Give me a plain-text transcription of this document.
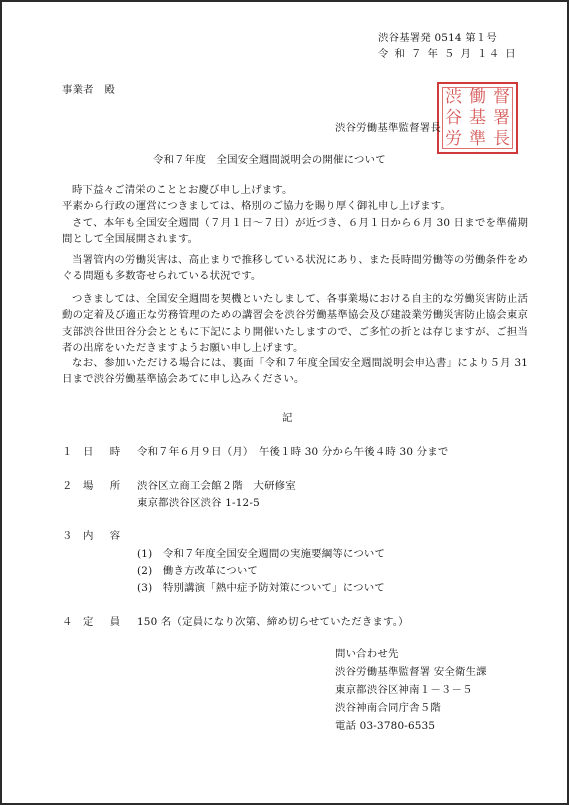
渋谷基署発 0514 第１号
令 和 ７ 年 ５ 月 １４ 日
事業者　殿	渋 働 督
谷 基 署
労 準 長
渋谷労働基準監督署長
令和７年度　全国安全週間説明会の開催について
時下益々ご清栄のこととお慶び申し上げます。
平素から行政の運営につきましては、格別のご協力を賜り厚く御礼申し上げます。
さて、本年も全国安全週間（７月１日～７日）が近づき、６月１日から６月 30 日までを準備期間として全国展開されます。
当署管内の労働災害は、高止まりで推移している状況にあり、また長時間労働等の労働条件をめぐる問題も多数寄せられている状況です。
つきましては、全国安全週間を契機といたしまして、各事業場における自主的な労働災害防止活動の定着及び適正な労務管理のための講習会を渋谷労働基準協会及び建設業労働災害防止協会東京支部渋谷世田谷分会とともに下記により開催いたしますので、ご多忙の折とは存じますが、ご担当者の出席をいただきますようお願い申し上げます。
なお、参加いただける場合には、裏面「令和７年度全国安全週間説明会申込書」により５月 31 日まで渋谷労働基準協会あてに申し込みください。
記
１ 日　時 令和７年６月９日（月）　午後１時 30 分から午後４時 30 分まで
２ 場　所 渋谷区立商工会館２階　大研修室
東京都渋谷区渋谷 1-12-5
３ 内　容
(1)　令和７年度全国安全週間の実施要綱等について
(2)　働き方改革について
(3)　特別講演「熱中症予防対策について」について
４ 定　員 150 名（定員になり次第、締め切らせていただきます。）
問い合わせ先
渋谷労働基準監督署 安全衛生課
東京都渋谷区神南１－３－５
渋谷神南合同庁舎５階
電話 03-3780-6535
